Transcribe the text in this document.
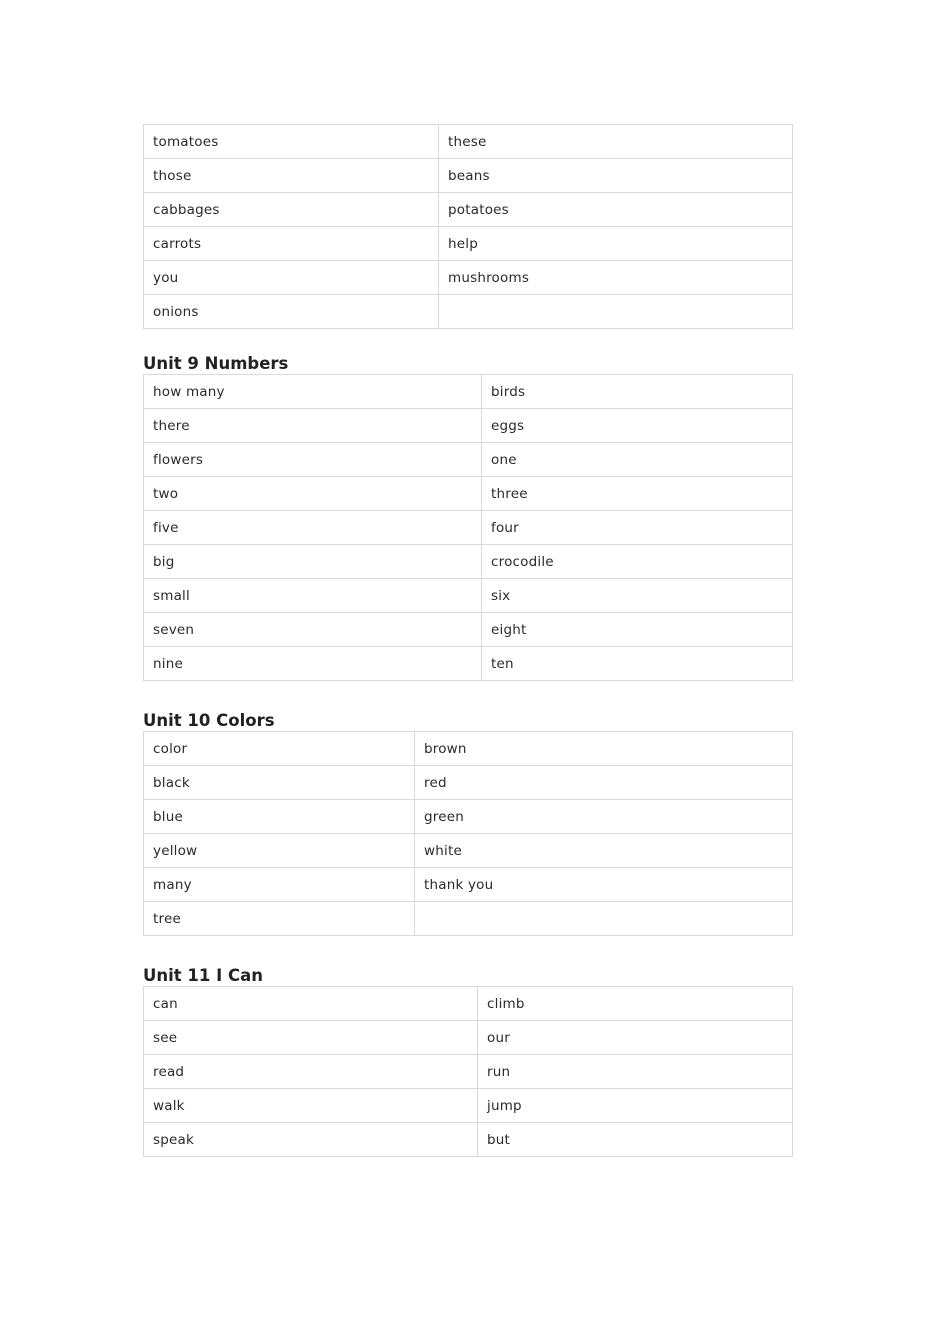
tomatoes	these
those	beans
cabbages	potatoes
carrots	help
you	mushrooms
onions	
Unit 9 Numbers
how many	birds
there	eggs
flowers	one
two	three
five	four
big	crocodile
small	six
seven	eight
nine	ten
Unit 10 Colors
color	brown
black	red
blue	green
yellow	white
many	thank you
tree	
Unit 11 I Can
can	climb
see	our
read	run
walk	jump
speak	but
